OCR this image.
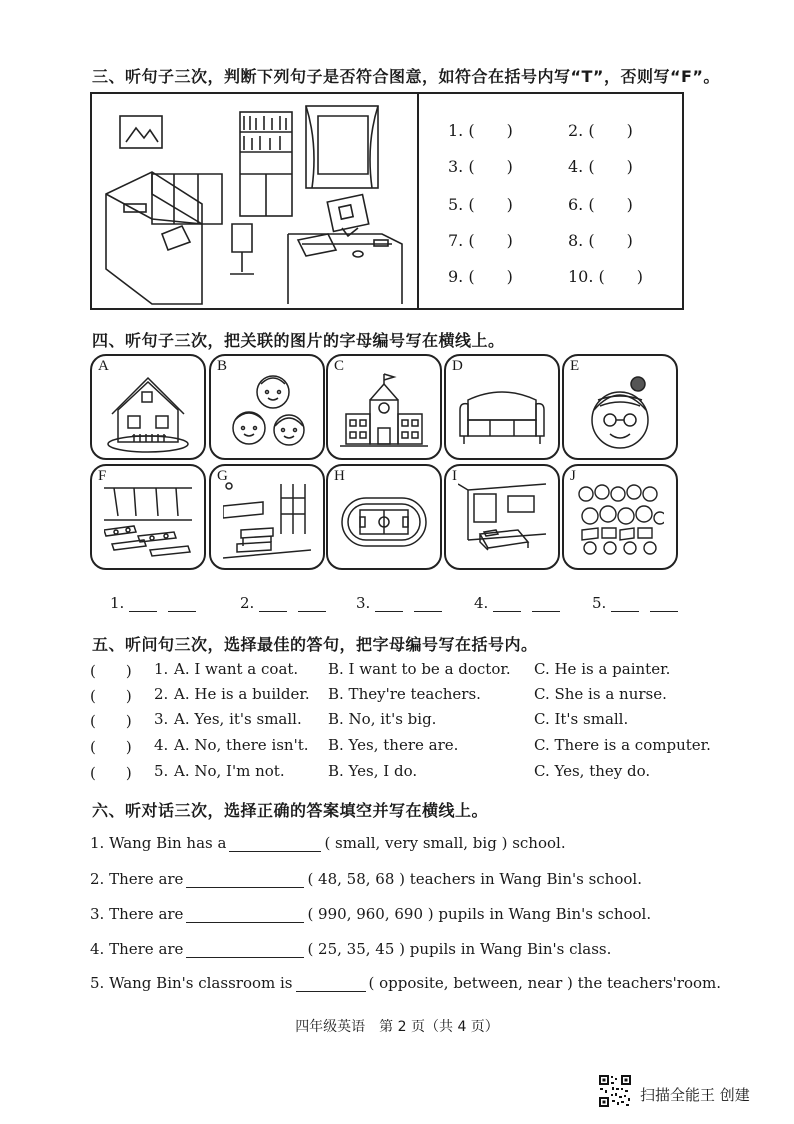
三、听句子三次，判断下列句子是否符合图意，如符合在括号内写“T”，否则写“F”。
1. (　　)	2. (　　)
3. (　　)	4. (　　)
5. (　　)	6. (　　)
7. (　　)	8. (　　)
9. (　　)	10. (　　)
四、听句子三次，把关联的图片的字母编号写在横线上。
A	B	C	D	E
F	G	H	I	J
1.	2.	3.	4.	5.
五、听问句三次，选择最佳的答句，把字母编号写在括号内。
(　　) 1. A. I want a coat. B. I want to be a doctor. C. He is a painter.
(　　) 2. A. He is a builder. B. They're teachers.	C. She is a nurse.
(　　) 3. A. Yes, it's small. B. No, it's big.	C. It's small.
(　　) 4. A. No, there isn't. B. Yes, there are.	C. There is a computer.
(　　) 5. A. No, I'm not.	B. Yes, I do.	C. Yes, they do.
六、听对话三次，选择正确的答案填空并写在横线上。
1. Wang Bin has a	( small, very small, big ) school.
2. There are	( 48, 58, 68 ) teachers in Wang Bin's school.
3. There are	( 990, 960, 690 ) pupils in Wang Bin's school.
4. There are	( 25, 35, 45 ) pupils in Wang Bin's class.
5. Wang Bin's classroom is	( opposite, between, near ) the teachers'room.
四年级英语　第 2 页（共 4 页）
扫描全能王 创建
